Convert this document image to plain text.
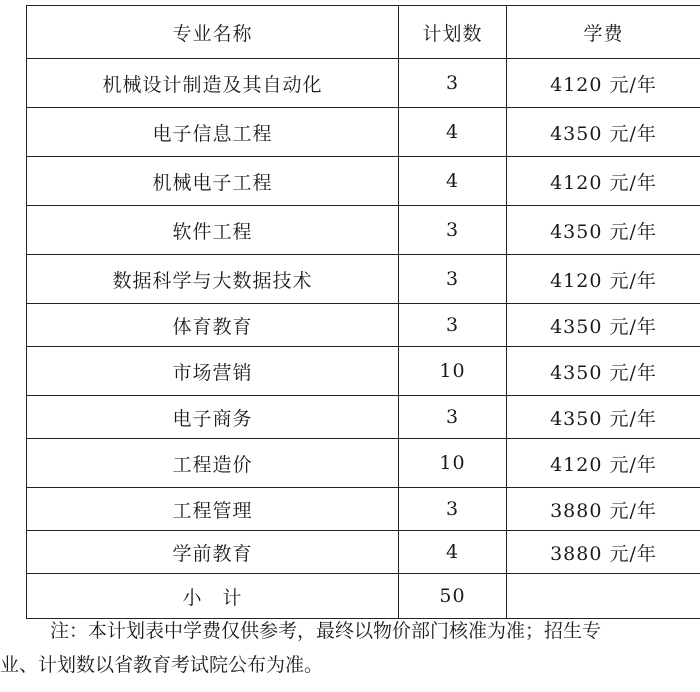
专业名称	计划数	学费
机械设计制造及其自动化	3	4120 元/年
电子信息工程	4	4350 元/年
机械电子工程	4	4120 元/年
软件工程	3	4350 元/年
数据科学与大数据技术	3	4120 元/年
体育教育	3	4350 元/年
市场营销	10	4350 元/年
电子商务	3	4350 元/年
工程造价	10	4120 元/年
工程管理	3	3880 元/年
学前教育	4	3880 元/年
小　计	50	

注：本计划表中学费仅供参考，最终以物价部门核准为准；招生专

业、计划数以省教育考试院公布为准。
